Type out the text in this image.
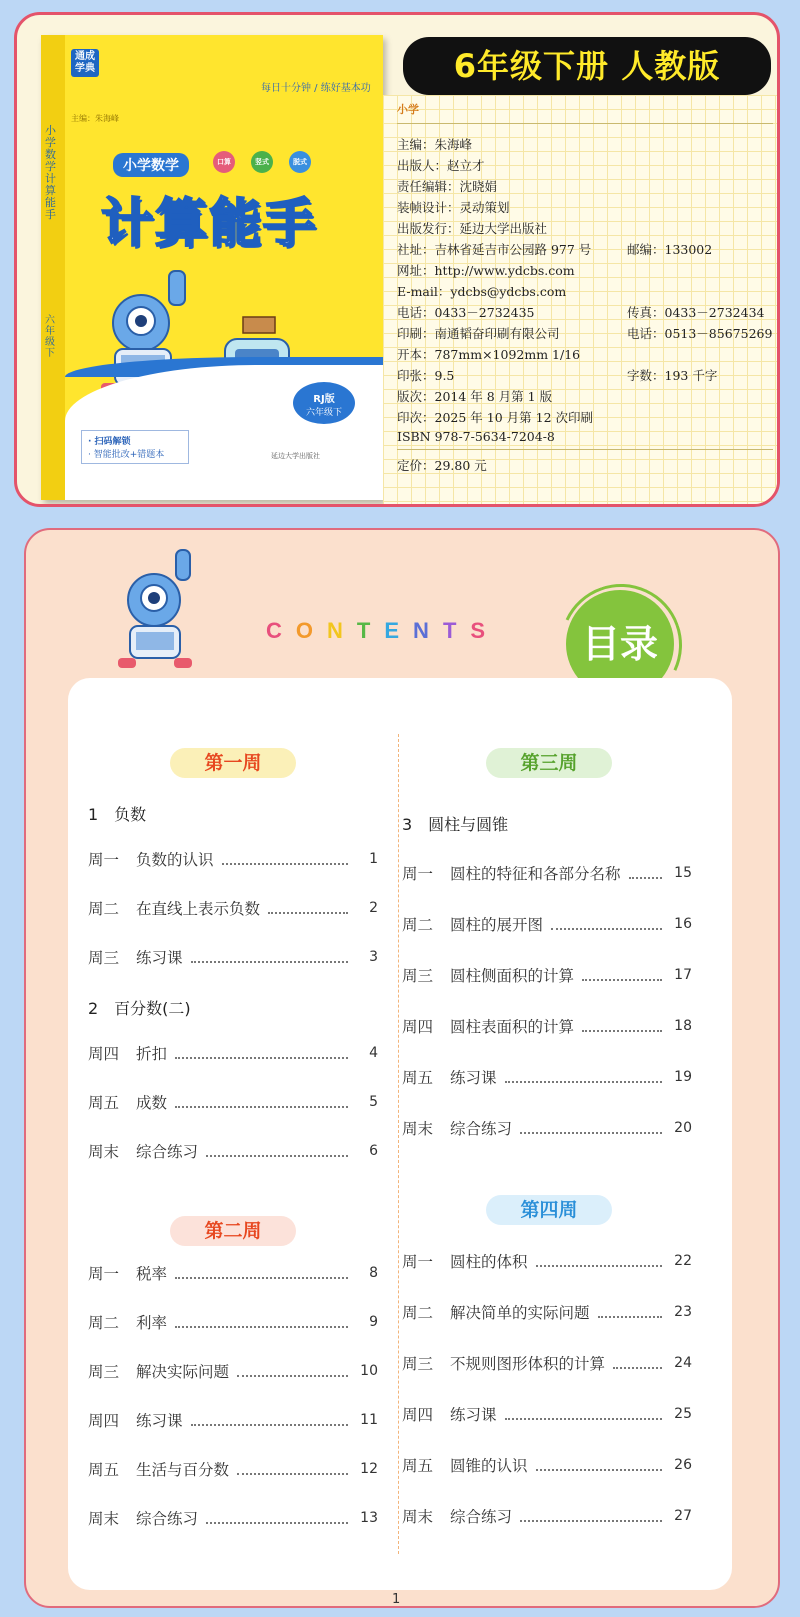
小学数学计算能手
六年级下
通成学典
主编：朱海峰
每日十分钟 / 练好基本功
小学数学	口算	竖式	脱式
计算能手
RJ版
六年级下
· 扫码解锁
· 智能批改+错题本	延边大学出版社
小学
主编：朱海峰
出版人：赵立才
责任编辑：沈晓娟
装帧设计：灵动策划
出版发行：延边大学出版社
社址：吉林省延吉市公园路 977 号	邮编：133002
网址：http://www.ydcbs.com
E-mail：ydcbs@ydcbs.com
电话：0433－2732435	传真：0433－2732434
印刷：南通韬奋印刷有限公司	电话：0513－85675269
开本：787mm×1092mm 1/16
印张：9.5	字数：193 千字
版次：2014 年 8 月第 1 版
印次：2025 年 10 月第 12 次印刷
ISBN 978-7-5634-7204-8
定价：29.80 元
6年级下册 人教版
CONTENTS	目录
第一周
第二周
第三周
第四周
1　负数
2　百分数(二)
3　圆柱与圆锥
周一	负数的认识	1
周二	在直线上表示负数	2
周三	练习课	3
周四	折扣	4
周五	成数	5
周末	综合练习	6
周一	税率	8
周二	利率	9
周三	解决实际问题	10
周四	练习课	11
周五	生活与百分数	12
周末	综合练习	13
周一	圆柱的特征和各部分名称	15
周二	圆柱的展开图	16
周三	圆柱侧面积的计算	17
周四	圆柱表面积的计算	18
周五	练习课	19
周末	综合练习	20
周一	圆柱的体积	22
周二	解决简单的实际问题	23
周三	不规则图形体积的计算	24
周四	练习课	25
周五	圆锥的认识	26
周末	综合练习	27
1
